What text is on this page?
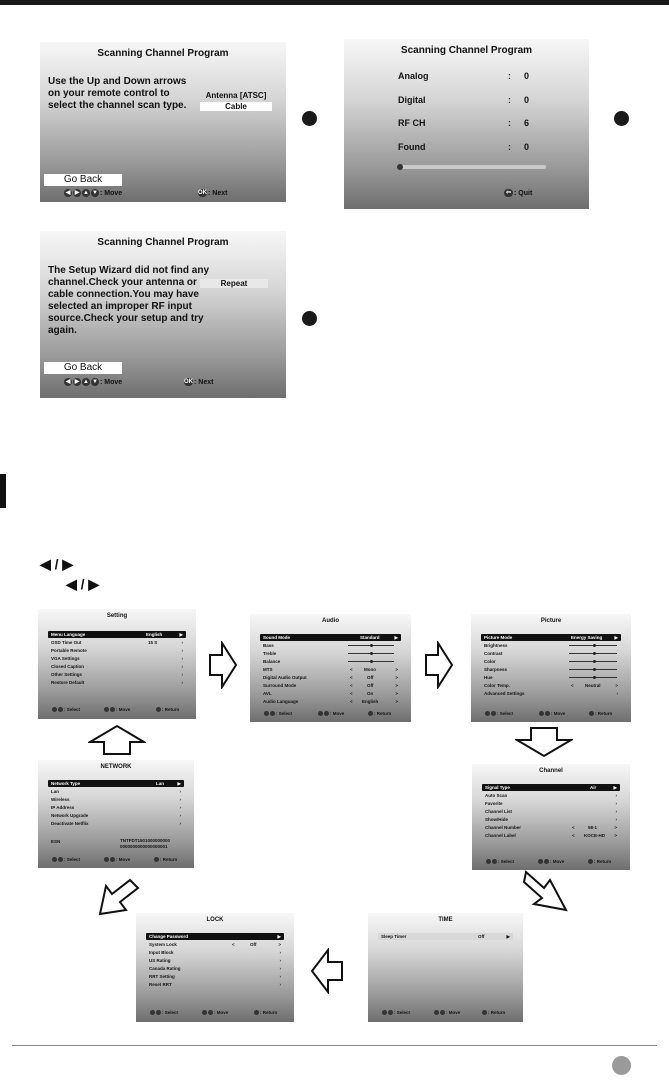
Scanning Channel Program
Use the Up and Down arrows
on your remote control to
select the channel scan type.
Antenna [ATSC]
Cable
Go Back
◀ ▶ ▲ ▼ : Move	OK: Next
Scanning Channel Program
Analog	: 0
Digital	: 0
RF CH	: 6
Found	: 0
⇦ : Quit
Scanning Channel Program
The Setup Wizard did not find any
channel.Check your antenna or
cable connection.You may have
selected an improper RF input
source.Check your setup and try
again.
Repeat
Go Back
◀ ▶ ▲ ▼ : Move	OK: Next
◀ / ▶
◀ / ▶
Setting
Menu Language	English	▶
OSD Time Out	15 S	›
Portable Remote	›
VGA Settings	›
Closed Caption	›
Other Settings	›
Restore Default	›
: Select	: Move	: Return
Audio
Sound Mode	Standard	▶
Bass
Treble
Balance
MTS	<	Mono	>
Digital Audio Output	<	Off	>
Surround Mode	<	Off	>
AVL	<	On	>
Audio Language	< English	>
: Select	: Move	: Return
Picture
Picture Mode	Energy Saving	▶
Brightness
Contrast
Color
Sharpness
Hue
Color Temp.	<	Neutral	>
Advanced Settings	›
: Select	: Move	: Return
NETWORK
Network Type	Lan	▶
Lan	›
Wireless	›
IP Address	›
Network Upgrade	›
Deactivate Netflix	›
ESN	TNTFDT1501000000000
0000000000000000001
: Select	: Move	: Return
Channel
Signal Type	Air	▶
Auto Scan	›
Favorite	›
Channel List	›
Show/Hide	›
Channel Number	<	58-1	>
Channel Label	< KOCE-HD >
: Select	: Move	: Return
LOCK
Change Password	▶
System Lock	<	Off	>
Input Block	›
US Rating	›
Canada Rating	›
RRT Setting	›
Reset RRT	›
: Select	: Move	: Return
TIME
Sleep Timer	Off	▶
: Select	: Move	: Return
